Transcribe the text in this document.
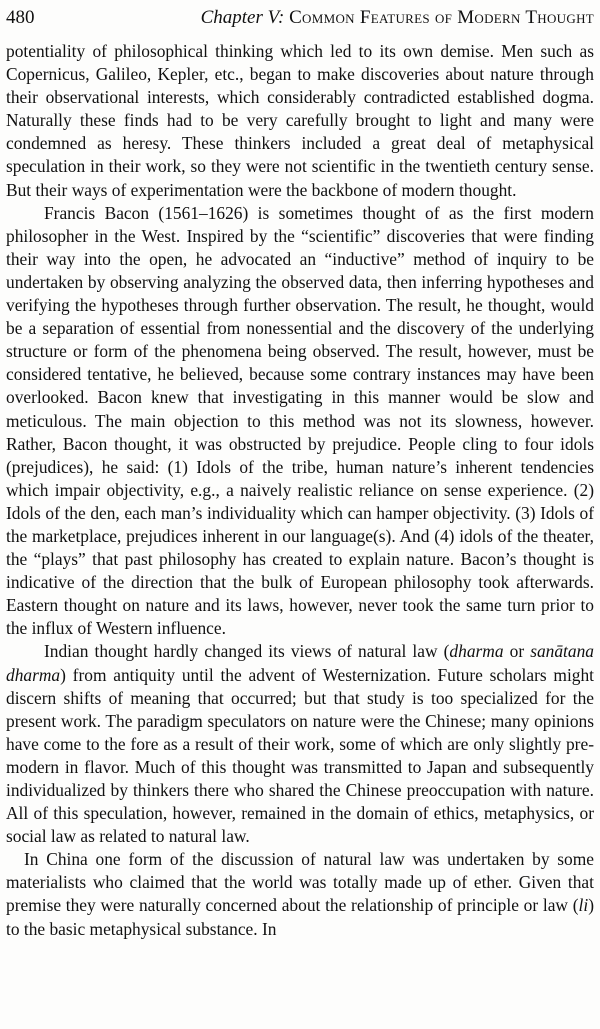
480	Chapter V: Common Features of Modern Thought

potentiality of philosophical thinking which led to its own demise. Men such as Copernicus, Galileo, Kepler, etc., began to make discoveries about nature through their observational interests, which considerably contradicted established dogma. Naturally these finds had to be very carefully brought to light and many were condemned as heresy. These thinkers included a great deal of metaphysical speculation in their work, so they were not scientific in the twentieth century sense. But their ways of experimentation were the backbone of modern thought.

Francis Bacon (1561–1626) is sometimes thought of as the first modern philosopher in the West. Inspired by the “scientific” discoveries that were finding their way into the open, he advocated an “inductive” method of inquiry to be undertaken by observing analyzing the observed data, then inferring hypotheses and verifying the hypotheses through further observation. The result, he thought, would be a separation of essential from nonessential and the discovery of the underlying structure or form of the phenomena being observed. The result, however, must be considered tentative, he believed, because some contrary instances may have been overlooked. Bacon knew that investigating in this manner would be slow and meticulous. The main objection to this method was not its slowness, however. Rather, Bacon thought, it was obstructed by prejudice. People cling to four idols (prejudices), he said: (1) Idols of the tribe, human nature’s inherent tendencies which impair objectivity, e.g., a naively realistic reliance on sense experience. (2) Idols of the den, each man’s individuality which can hamper objectivity. (3) Idols of the marketplace, prejudices inherent in our language(s). And (4) idols of the theater, the “plays” that past philosophy has created to explain nature. Bacon’s thought is indicative of the direction that the bulk of European philosophy took afterwards. Eastern thought on nature and its laws, however, never took the same turn prior to the influx of Western influence.

Indian thought hardly changed its views of natural law (dharma or sanātana dharma) from antiquity until the advent of Westernization. Future scholars might discern shifts of meaning that occurred; but that study is too specialized for the present work. The paradigm speculators on nature were the Chinese; many opinions have come to the fore as a result of their work, some of which are only slightly pre-modern in flavor. Much of this thought was transmitted to Japan and subsequently individualized by thinkers there who shared the Chinese preoccupation with nature. All of this speculation, however, remained in the domain of ethics, metaphysics, or social law as related to natural law.

In China one form of the discussion of natural law was undertaken by some materialists who claimed that the world was totally made up of ether. Given that premise they were naturally concerned about the relationship of principle or law (li) to the basic metaphysical substance. In
